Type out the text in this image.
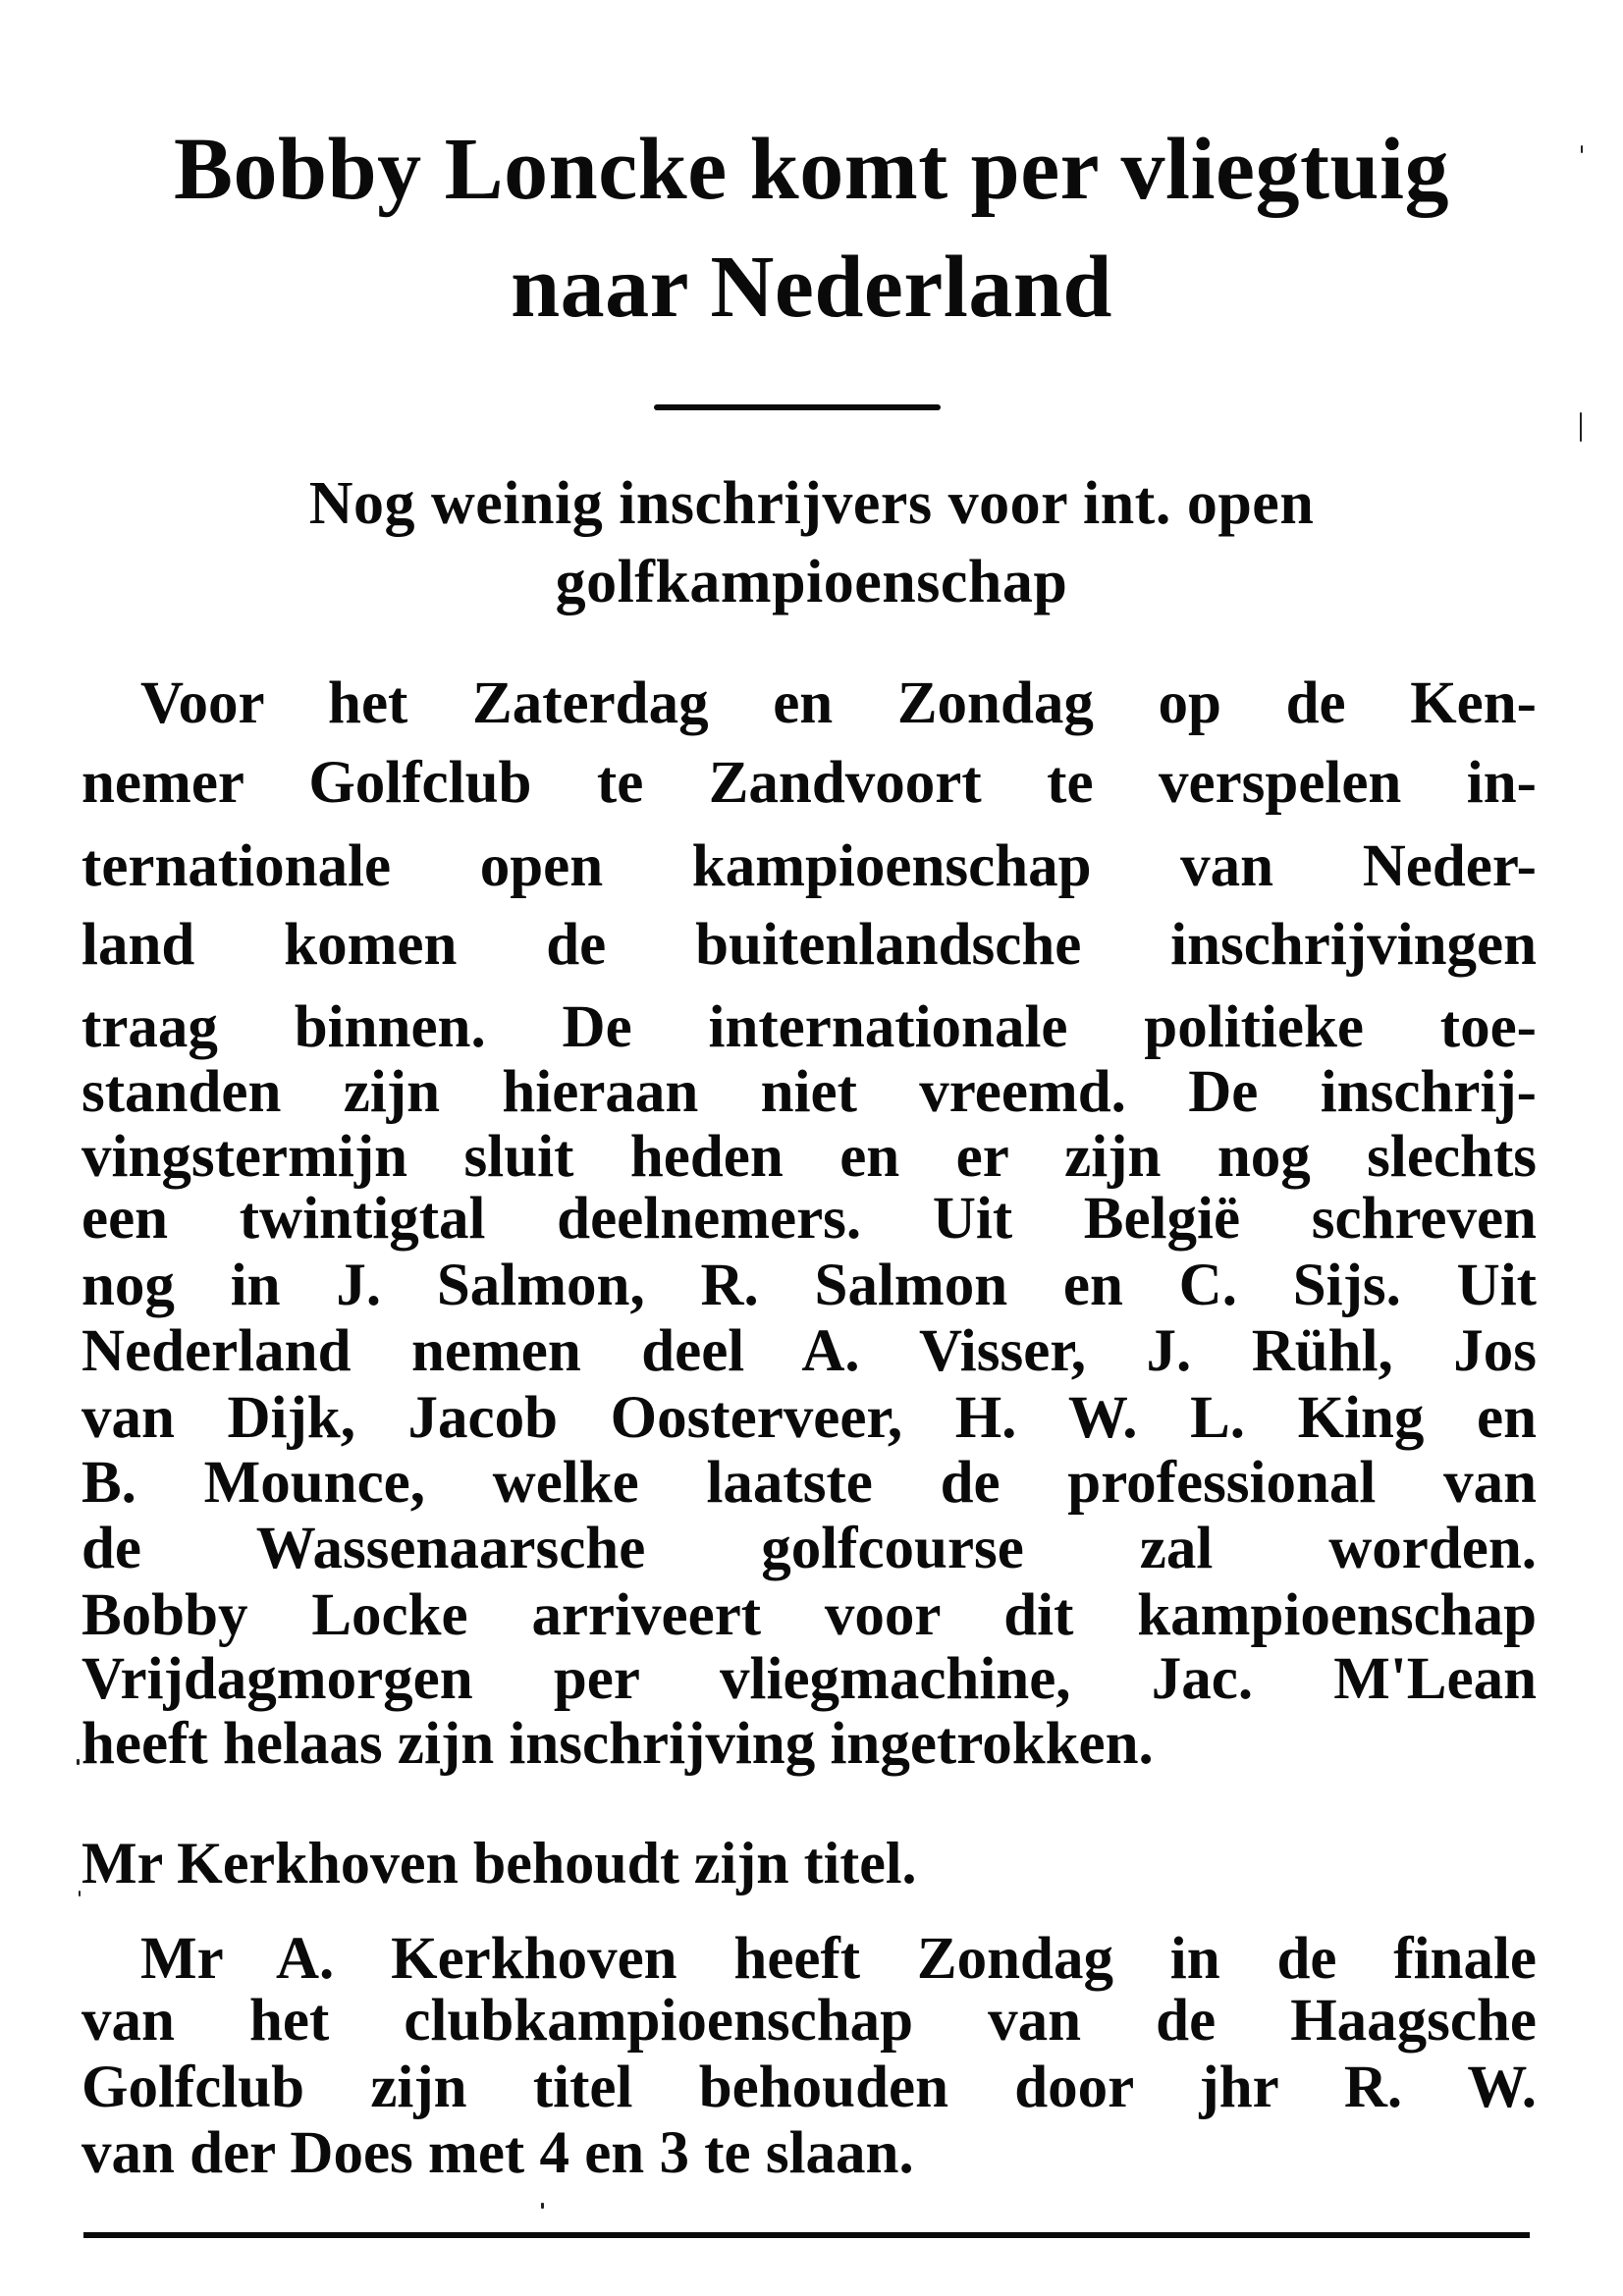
Bobby Loncke komt per vliegtuig
naar Nederland
Nog weinig inschrijvers voor int. open
golfkampioenschap
Voor het Zaterdag en Zondag op de Ken-
nemer Golfclub te Zandvoort te verspelen in-
ternationale open kampioenschap van Neder-
land komen de buitenlandsche inschrijvingen
traag binnen. De internationale politieke toe-
standen zijn hieraan niet vreemd. De inschrij-
vingstermijn sluit heden en er zijn nog slechts
een twintigtal deelnemers. Uit België schreven
nog in J. Salmon, R. Salmon en C. Sijs. Uit
Nederland nemen deel A. Visser, J. Rühl, Jos
van Dijk, Jacob Oosterveer, H. W. L. King en
B. Mounce, welke laatste de professional van
de Wassenaarsche golfcourse zal worden.
Bobby Locke arriveert voor dit kampioenschap
Vrijdagmorgen per vliegmachine, Jac. M'Lean
heeft helaas zijn inschrijving ingetrokken.
Mr Kerkhoven behoudt zijn titel.
Mr A. Kerkhoven heeft Zondag in de finale
van het clubkampioenschap van de Haagsche
Golfclub zijn titel behouden door jhr R. W.
van der Does met 4 en 3 te slaan.
